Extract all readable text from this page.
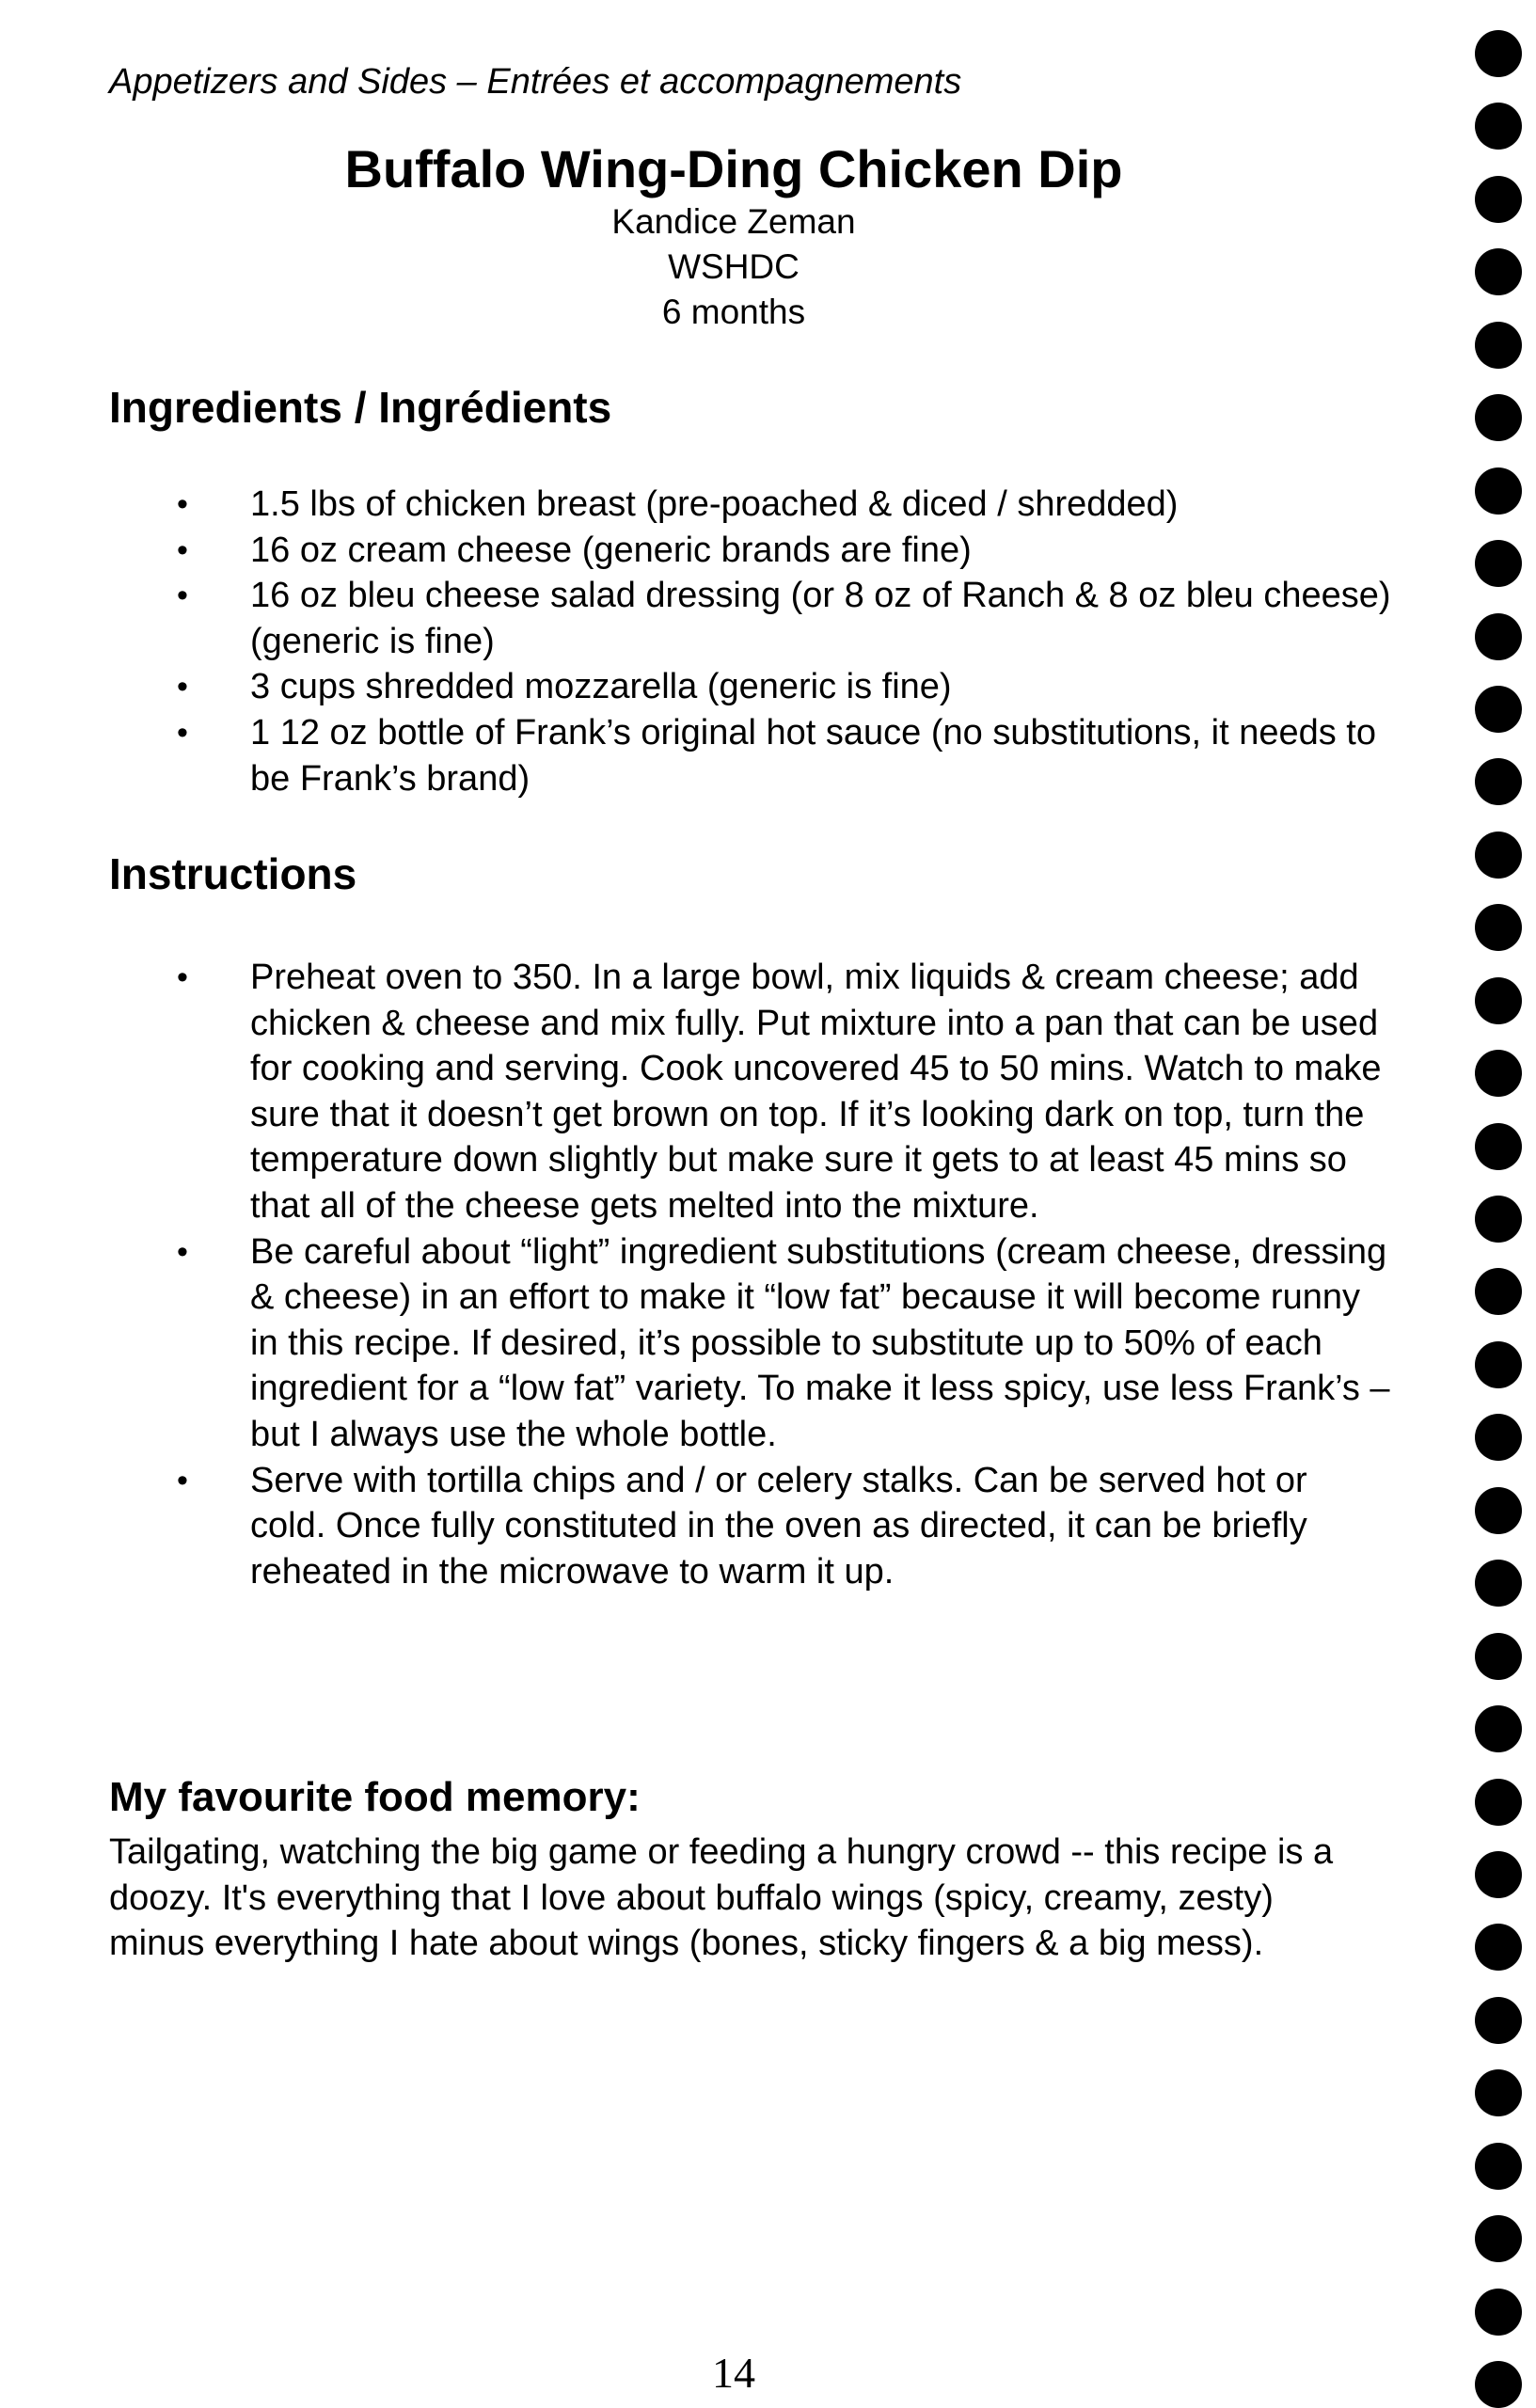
Appetizers and Sides – Entrées et accompagnements
Buffalo Wing-Ding Chicken Dip
Kandice Zeman
WSHDC
6 months
Ingredients / Ingrédients
• 1.5 lbs of chicken breast (pre-poached & diced / shredded)
• 16 oz cream cheese (generic brands are fine)
• 16 oz bleu cheese salad dressing (or 8 oz of Ranch & 8 oz bleu cheese) (generic is fine)
• 3 cups shredded mozzarella (generic is fine)
• 1 12 oz bottle of Frank’s original hot sauce (no substitutions, it needs to be Frank’s brand)
Instructions
• Preheat oven to 350. In a large bowl, mix liquids & cream cheese; add chicken & cheese and mix fully. Put mixture into a pan that can be used for cooking and serving. Cook uncovered 45 to 50 mins. Watch to make sure that it doesn’t get brown on top. If it’s looking dark on top, turn the temperature down slightly but make sure it gets to at least 45 mins so that all of the cheese gets melted into the mixture.
• Be careful about “light” ingredient substitutions (cream cheese, dressing & cheese) in an effort to make it “low fat” because it will become runny in this recipe. If desired, it’s possible to substitute up to 50% of each ingredient for a “low fat” variety. To make it less spicy, use less Frank’s – but I always use the whole bottle.
• Serve with tortilla chips and / or celery stalks. Can be served hot or cold. Once fully constituted in the oven as directed, it can be briefly reheated in the microwave to warm it up.
My favourite food memory:
Tailgating, watching the big game or feeding a hungry crowd -- this recipe is a doozy. It's everything that I love about buffalo wings (spicy, creamy, zesty) minus everything I hate about wings (bones, sticky fingers & a big mess).
14
